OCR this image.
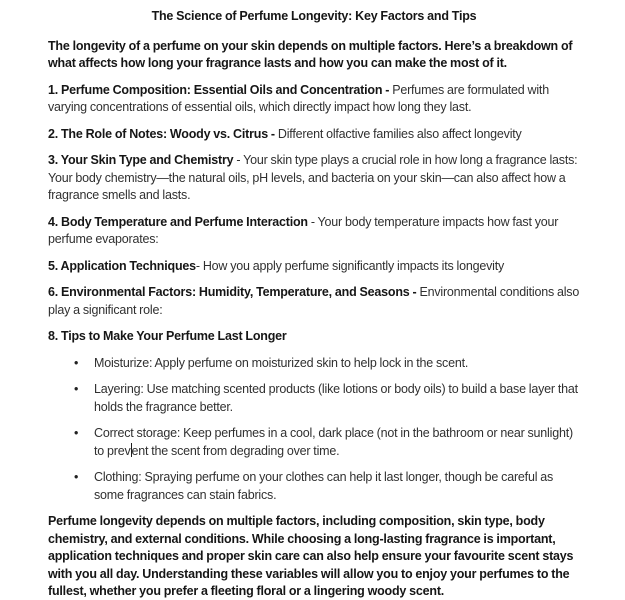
The Science of Perfume Longevity: Key Factors and Tips

The longevity of a perfume on your skin depends on multiple factors. Here’s a breakdown of what affects how long your fragrance lasts and how you can make the most of it.

1. Perfume Composition: Essential Oils and Concentration - Perfumes are formulated with varying concentrations of essential oils, which directly impact how long they last.

2. The Role of Notes: Woody vs. Citrus - Different olfactive families also affect longevity

3. Your Skin Type and Chemistry - Your skin type plays a crucial role in how long a fragrance lasts: Your body chemistry—the natural oils, pH levels, and bacteria on your skin—can also affect how a fragrance smells and lasts.

4. Body Temperature and Perfume Interaction - Your body temperature impacts how fast your perfume evaporates:

5. Application Techniques- How you apply perfume significantly impacts its longevity

6. Environmental Factors: Humidity, Temperature, and Seasons - Environmental conditions also play a significant role:

8. Tips to Make Your Perfume Last Longer

•	Moisturize: Apply perfume on moisturized skin to help lock in the scent.
•	Layering: Use matching scented products (like lotions or body oils) to build a base layer that holds the fragrance better.
•	Correct storage: Keep perfumes in a cool, dark place (not in the bathroom or near sunlight) to prevent the scent from degrading over time.
•	Clothing: Spraying perfume on your clothes can help it last longer, though be careful as some fragrances can stain fabrics.

Perfume longevity depends on multiple factors, including composition, skin type, body chemistry, and external conditions. While choosing a long-lasting fragrance is important, application techniques and proper skin care can also help ensure your favourite scent stays with you all day. Understanding these variables will allow you to enjoy your perfumes to the fullest, whether you prefer a fleeting floral or a lingering woody scent.
